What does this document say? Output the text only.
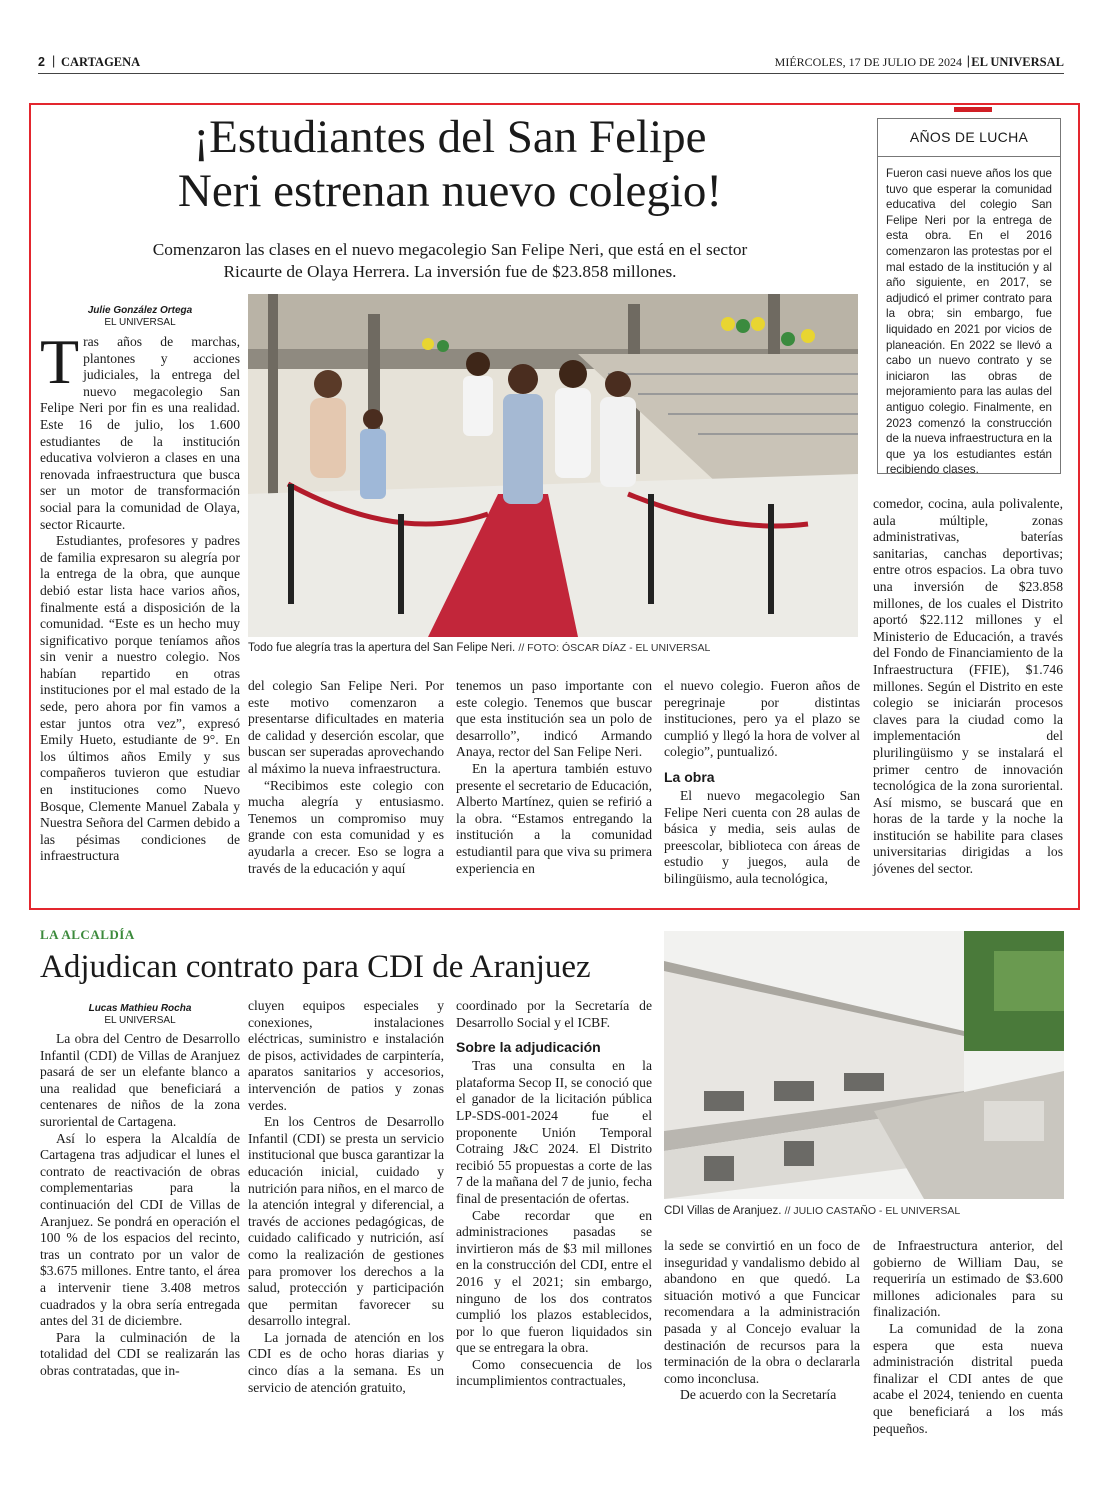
2 | CARTAGENA	MIÉRCOLES, 17 DE JULIO DE 2024 | EL UNIVERSAL
¡Estudiantes del San Felipe
Neri estrenan nuevo colegio!
Comenzaron las clases en el nuevo megacolegio San Felipe Neri, que está en el sector
Ricaurte de Olaya Herrera. La inversión fue de $23.858 millones.
AÑOS DE LUCHA
Fueron casi nueve años los que tuvo que esperar la comunidad educativa del colegio San Felipe Neri por la entrega de esta obra. En el 2016 comenzaron las protestas por el mal estado de la institución y al año siguiente, en 2017, se adjudicó el primer contrato para la obra; sin embargo, fue liquidado en 2021 por vicios de planeación. En 2022 se llevó a cabo un nuevo contrato y se iniciaron las obras de mejoramiento para las aulas del antiguo colegio. Finalmente, en 2023 comenzó la construcción de la nueva infraestructura en la que ya los estudiantes están recibiendo clases.
Julie González Ortega
EL UNIVERSAL

Tras años de marchas, plantones y acciones judiciales, la entrega del nuevo megacolegio San Felipe Neri por fin es una realidad. Este 16 de julio, los 1.600 estudiantes de la institución educativa volvieron a clases en una renovada infraestructura que busca ser un motor de transformación social para la comunidad de Olaya, sector Ricaurte.

Estudiantes, profesores y padres de familia expresaron su alegría por la entrega de la obra, que aunque debió estar lista hace varios años, finalmente está a disposición de la comunidad. “Este es un hecho muy significativo porque teníamos años sin venir a nuestro colegio. Nos habían repartido en otras instituciones por el mal estado de la sede, pero ahora por fin vamos a estar juntos otra vez”, expresó Emily Hueto, estudiante de 9°. En los últimos años Emily y sus compañeros tuvieron que estudiar en instituciones como Nuevo Bosque, Clemente Manuel Zabala y Nuestra Señora del Carmen debido a las pésimas condiciones de infraestructura

Todo fue alegría tras la apertura del San Felipe Neri. // FOTO: ÓSCAR DÍAZ - EL UNIVERSAL

del colegio San Felipe Neri. Por este motivo comenzaron a presentarse dificultades en materia de calidad y deserción escolar, que buscan ser superadas aprovechando al máximo la nueva infraestructura.

“Recibimos este colegio con mucha alegría y entusiasmo. Tenemos un compromiso muy grande con esta comunidad y es ayudarla a crecer. Eso se logra a través de la educación y aquí

tenemos un paso importante con este colegio. Tenemos que buscar que esta institución sea un polo de desarrollo”, indicó Armando Anaya, rector del San Felipe Neri.

En la apertura también estuvo presente el secretario de Educación, Alberto Martínez, quien se refirió a la obra. “Estamos entregando la institución a la comunidad estudiantil para que viva su primera experiencia en

el nuevo colegio. Fueron años de peregrinaje por distintas instituciones, pero ya el plazo se cumplió y llegó la hora de volver al colegio”, puntualizó.

La obra

El nuevo megacolegio San Felipe Neri cuenta con 28 aulas de básica y media, seis aulas de preescolar, biblioteca con áreas de estudio y juegos, aula de bilingüismo, aula tecnológica,

comedor, cocina, aula polivalente, aula múltiple, zonas administrativas, baterías sanitarias, canchas deportivas; entre otros espacios. La obra tuvo una inversión de $23.858 millones, de los cuales el Distrito aportó $22.112 millones y el Ministerio de Educación, a través del Fondo de Financiamiento de la Infraestructura (FFIE), $1.746 millones. Según el Distrito en este colegio se iniciarán procesos claves para la ciudad como la implementación del plurilingüismo y se instalará el primer centro de innovación tecnológica de la zona suroriental. Así mismo, se buscará que en horas de la tarde y la noche la institución se habilite para clases universitarias dirigidas a los jóvenes del sector.

LA ALCALDÍA
Adjudican contrato para CDI de Aranjuez
CDI Villas de Aranjuez. // JULIO CASTAÑO - EL UNIVERSAL
Lucas Mathieu Rocha
EL UNIVERSAL

La obra del Centro de Desarrollo Infantil (CDI) de Villas de Aranjuez pasará de ser un elefante blanco a una realidad que beneficiará a centenares de niños de la zona suroriental de Cartagena.

Así lo espera la Alcaldía de Cartagena tras adjudicar el lunes el contrato de reactivación de obras complementarias para la continuación del CDI de Villas de Aranjuez. Se pondrá en operación el 100 % de los espacios del recinto, tras un contrato por un valor de $3.675 millones. Entre tanto, el área a intervenir tiene 3.408 metros cuadrados y la obra sería entregada antes del 31 de diciembre.

Para la culminación de la totalidad del CDI se realizarán las obras contratadas, que in-

cluyen equipos especiales y conexiones, instalaciones eléctricas, suministro e instalación de pisos, actividades de carpintería, aparatos sanitarios y accesorios, intervención de patios y zonas verdes.

En los Centros de Desarrollo Infantil (CDI) se presta un servicio institucional que busca garantizar la educación inicial, cuidado y nutrición para niños, en el marco de la atención integral y diferencial, a través de acciones pedagógicas, de cuidado calificado y nutrición, así como la realización de gestiones para promover los derechos a la salud, protección y participación que permitan favorecer su desarrollo integral.

La jornada de atención en los CDI es de ocho horas diarias y cinco días a la semana. Es un servicio de atención gratuito,

coordinado por la Secretaría de Desarrollo Social y el ICBF.

Sobre la adjudicación

Tras una consulta en la plataforma Secop II, se conoció que el ganador de la licitación pública LP-SDS-001-2024 fue el proponente Unión Temporal Cotraing J&C 2024. El Distrito recibió 55 propuestas a corte de las 7 de la mañana del 7 de junio, fecha final de presentación de ofertas.

Cabe recordar que en administraciones pasadas se invirtieron más de $3 mil millones en la construcción del CDI, entre el 2016 y el 2021; sin embargo, ninguno de los dos contratos cumplió los plazos establecidos, por lo que fueron liquidados sin que se entregara la obra.

Como consecuencia de los incumplimientos contractuales,

la sede se convirtió en un foco de inseguridad y vandalismo debido al abandono en que quedó. La situación motivó a que Funcicar recomendara a la administración pasada y al Concejo evaluar la destinación de recursos para la terminación de la obra o declararla como inconclusa.

De acuerdo con la Secretaría

de Infraestructura anterior, del gobierno de William Dau, se requeriría un estimado de $3.600 millones adicionales para su finalización.

La comunidad de la zona espera que esta nueva administración distrital pueda finalizar el CDI antes de que acabe el 2024, teniendo en cuenta que beneficiará a los más pequeños.
